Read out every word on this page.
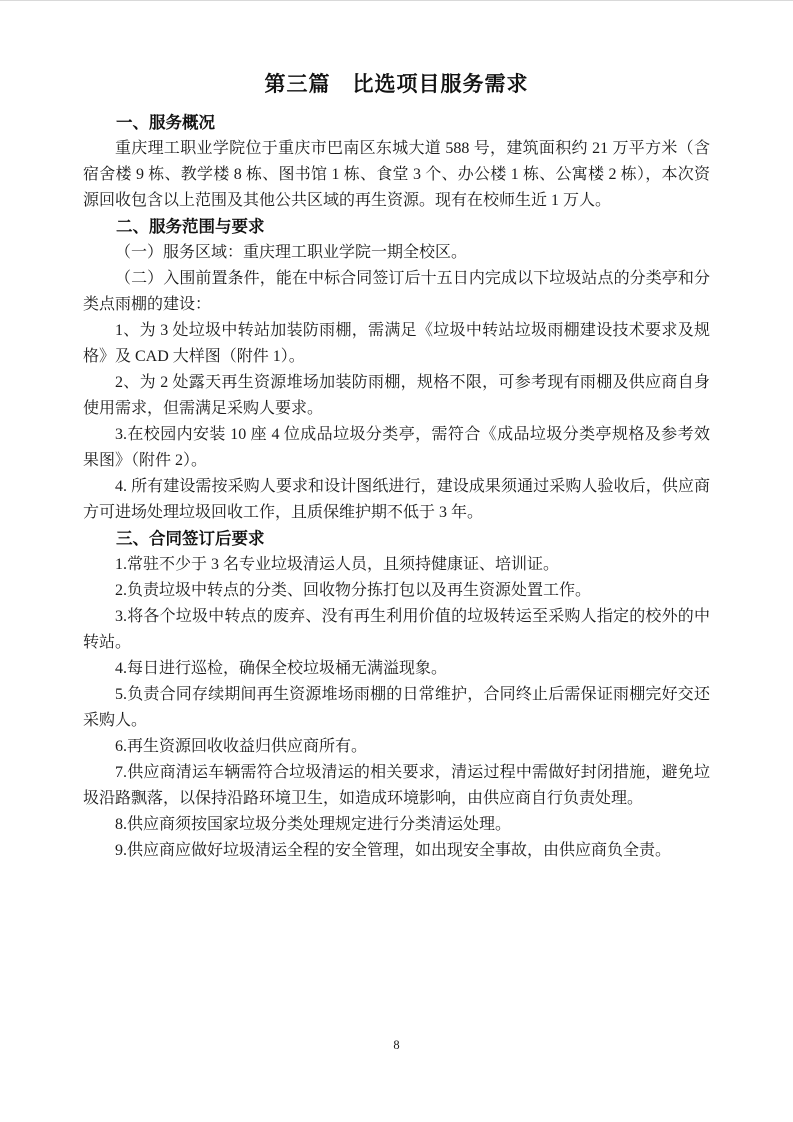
第三篇　比选项目服务需求
一、服务概况

重庆理工职业学院位于重庆市巴南区东城大道 588 号，建筑面积约 21 万平方米（含宿舍楼 9 栋、教学楼 8 栋、图书馆 1 栋、食堂 3 个、办公楼 1 栋、公寓楼 2 栋），本次资源回收包含以上范围及其他公共区域的再生资源。现有在校师生近 1 万人。

二、服务范围与要求

（一）服务区域：重庆理工职业学院一期全校区。

（二）入围前置条件，能在中标合同签订后十五日内完成以下垃圾站点的分类亭和分类点雨棚的建设：

1、为 3 处垃圾中转站加装防雨棚，需满足《垃圾中转站垃圾雨棚建设技术要求及规格》及 CAD 大样图（附件 1）。

2、为 2 处露天再生资源堆场加装防雨棚，规格不限，可参考现有雨棚及供应商自身使用需求，但需满足采购人要求。

3.在校园内安装 10 座 4 位成品垃圾分类亭，需符合《成品垃圾分类亭规格及参考效果图》（附件 2）。

4. 所有建设需按采购人要求和设计图纸进行，建设成果须通过采购人验收后，供应商方可进场处理垃圾回收工作，且质保维护期不低于 3 年。

三、合同签订后要求

1.常驻不少于 3 名专业垃圾清运人员，且须持健康证、培训证。

2.负责垃圾中转点的分类、回收物分拣打包以及再生资源处置工作。

3.将各个垃圾中转点的废弃、没有再生利用价值的垃圾转运至采购人指定的校外的中转站。

4.每日进行巡检，确保全校垃圾桶无满溢现象。

5.负责合同存续期间再生资源堆场雨棚的日常维护，合同终止后需保证雨棚完好交还采购人。

6.再生资源回收收益归供应商所有。

7.供应商清运车辆需符合垃圾清运的相关要求，清运过程中需做好封闭措施，避免垃圾沿路飘落，以保持沿路环境卫生，如造成环境影响，由供应商自行负责处理。

8.供应商须按国家垃圾分类处理规定进行分类清运处理。

9.供应商应做好垃圾清运全程的安全管理，如出现安全事故，由供应商负全责。

8
